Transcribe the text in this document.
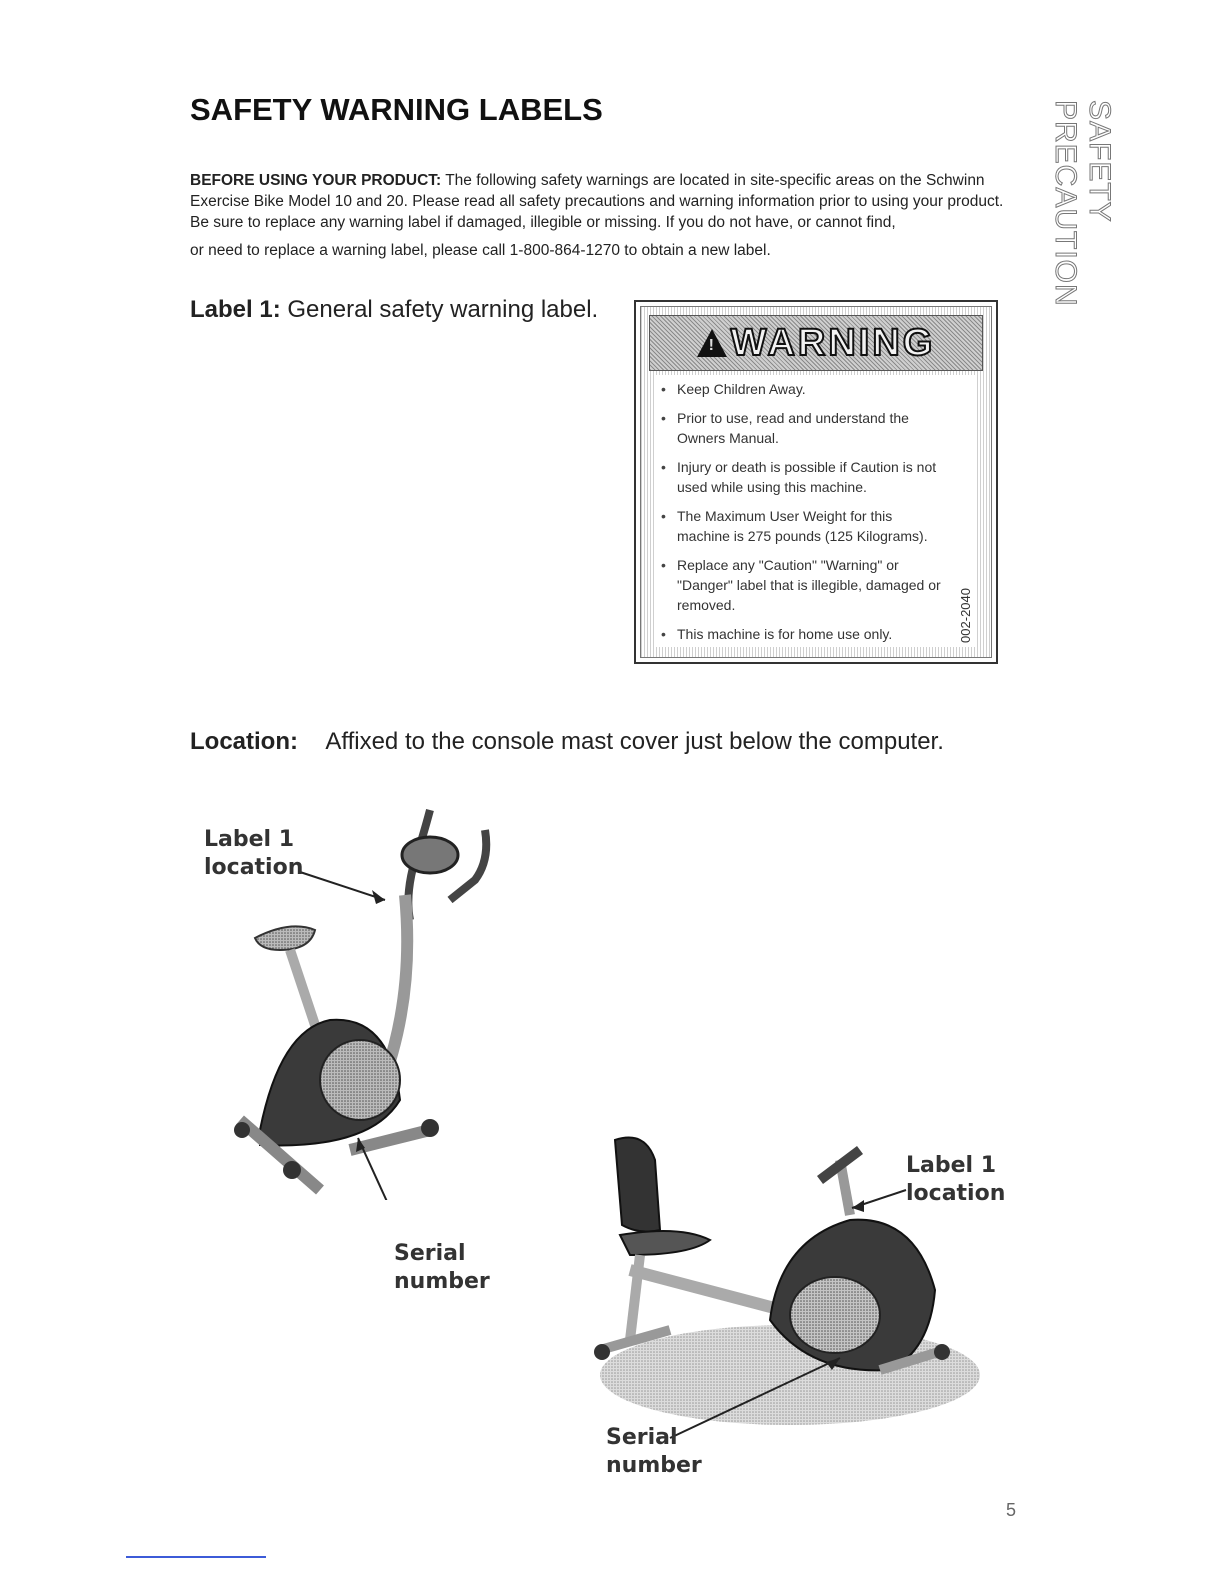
SAFETY WARNING LABELS	SAFETY PRECAUTION

BEFORE USING YOUR PRODUCT: The following safety warnings are located in site-specific areas on the Schwinn Exercise Bike Model 10 and 20. Please read all safety precautions and warning information prior to using your product. Be sure to replace any warning label if damaged, illegible or missing. If you do not have, or cannot find,

or need to replace a warning label, please call 1-800-864-1270 to obtain a new label.

Label 1: General safety warning label.

!
WARNING
• Keep Children Away.
• Prior to use, read and understand the Owners Manual.
• Injury or death is possible if Caution is not used while using this machine.
• The Maximum User Weight for this machine is 275 pounds (125 Kilograms).
• Replace any "Caution" "Warning" or "Danger" label that is illegible, damaged or removed.
• This machine is for home use only.	002-2040

Location: Affixed to the console mast cover just below the computer.

Label 1
location
Serial
number
Label 1
location
Serial
number
5
